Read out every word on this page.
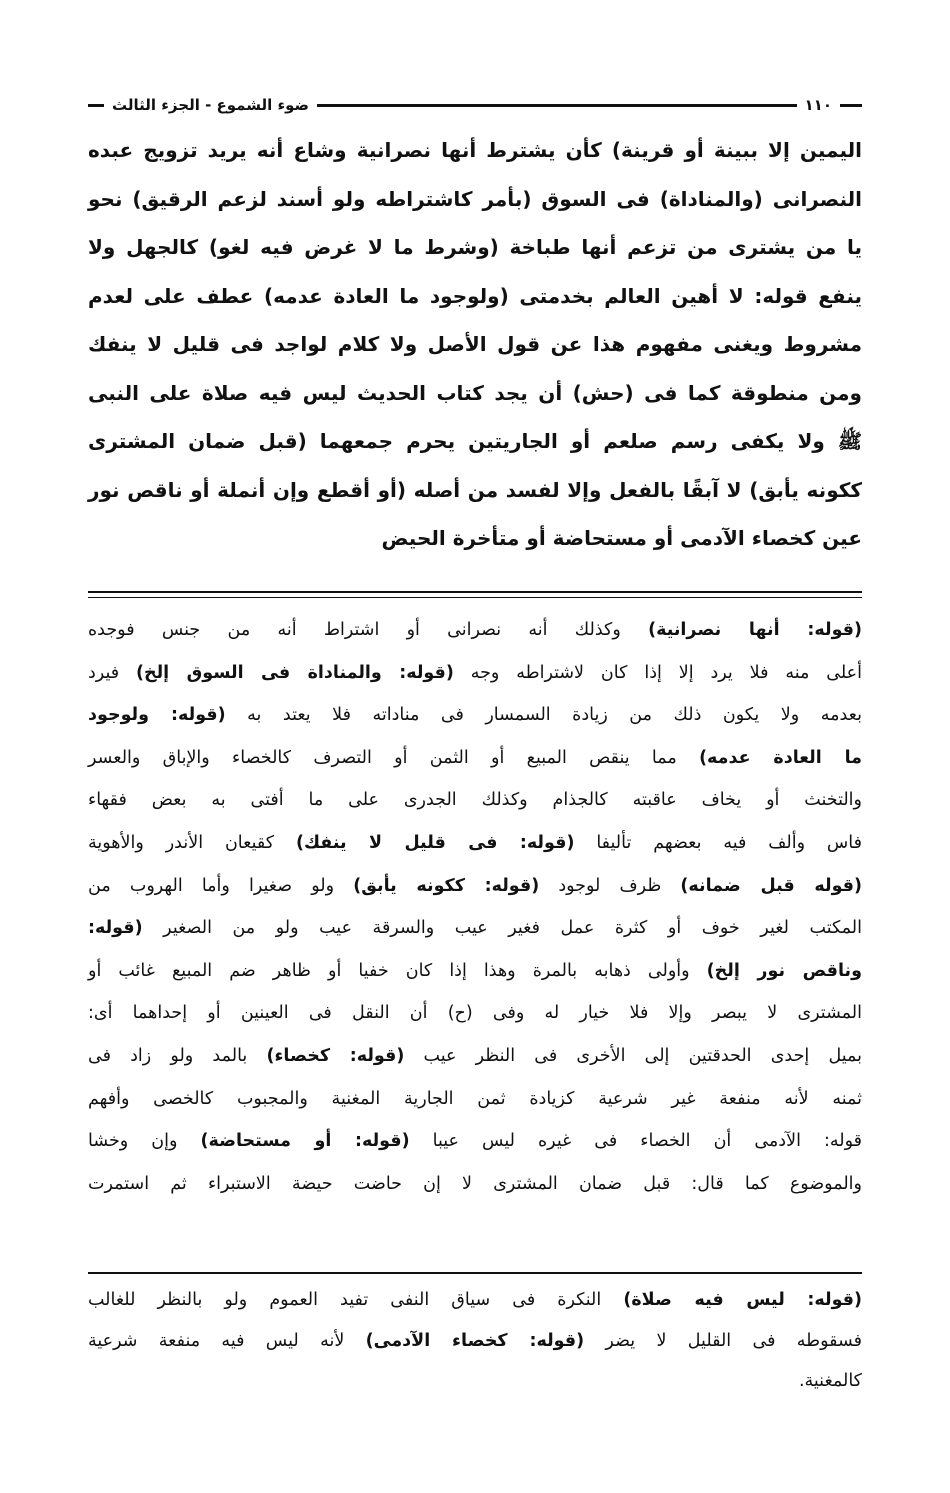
١١٠
ضوء الشموع - الجزء الثالث
اليمين إلا ببينة أو قرينة) كأن يشترط أنها نصرانية وشاع أنه يريد تزويج عبده
النصرانى (والمناداة) فى السوق (بأمر كاشتراطه ولو أسند لزعم الرقيق) نحو
يا من يشترى من تزعم أنها طباخة (وشرط ما لا غرض فيه لغو) كالجهل ولا
ينفع قوله: لا أهين العالم بخدمتى (ولوجود ما العادة عدمه) عطف على لعدم
مشروط ويغنى مفهوم هذا عن قول الأصل ولا كلام لواجد فى قليل لا ينفك
ومن منطوقة كما فى (حش) أن يجد كتاب الحديث ليس فيه صلاة على النبى
ﷺ ولا يكفى رسم صلعم أو الجاريتين يحرم جمعهما (قبل ضمان المشترى
ككونه يأبق) لا آبقًا بالفعل وإلا لفسد من أصله (أو أقطع وإن أنملة أو ناقص نور
عين كخصاء الآدمى أو مستحاضة أو متأخرة الحيض
(قوله: أنها نصرانية) وكذلك أنه نصرانى أو اشتراط أنه من جنس فوجده
أعلى منه فلا يرد إلا إذا كان لاشتراطه وجه (قوله: والمناداة فى السوق إلخ) فيرد
بعدمه ولا يكون ذلك من زيادة السمسار فى مناداته فلا يعتد به (قوله: ولوجود
ما العادة عدمه) مما ينقص المبيع أو الثمن أو التصرف كالخصاء والإباق والعسر
والتخنث أو يخاف عاقبته كالجذام وكذلك الجدرى على ما أفتى به بعض فقهاء
فاس وألف فيه بعضهم تأليفا (قوله: فى قليل لا ينفك) كقيعان الأندر والأهوية
(قوله قبل ضمانه) ظرف لوجود (قوله: ككونه يأبق) ولو صغيرا وأما الهروب من
المكتب لغير خوف أو كثرة عمل فغير عيب والسرقة عيب ولو من الصغير (قوله:
وناقص نور إلخ) وأولى ذهابه بالمرة وهذا إذا كان خفيا أو ظاهر ضم المبيع غائب أو
المشترى لا يبصر وإلا فلا خيار له وفى (ح) أن النقل فى العينين أو إحداهما أى:
بميل إحدى الحدقتين إلى الأخرى فى النظر عيب (قوله: كخصاء) بالمد ولو زاد فى
ثمنه لأنه منفعة غير شرعية كزيادة ثمن الجارية المغنية والمجبوب كالخصى وأفهم
قوله: الآدمى أن الخصاء فى غيره ليس عيبا (قوله: أو مستحاضة) وإن وخشا
والموضوع كما قال: قبل ضمان المشترى لا إن حاضت حيضة الاستبراء ثم استمرت
(قوله: ليس فيه صلاة) النكرة فى سياق النفى تفيد العموم ولو بالنظر للغالب
فسقوطه فى القليل لا يضر (قوله: كخصاء الآدمى) لأنه ليس فيه منفعة شرعية
كالمغنية.
